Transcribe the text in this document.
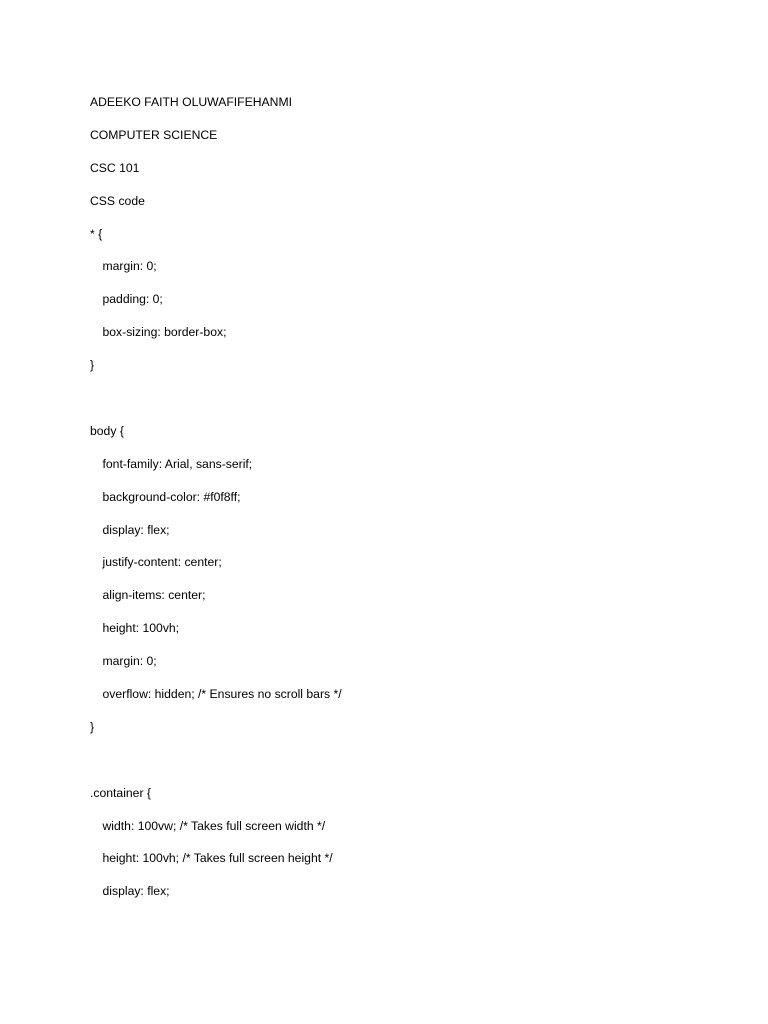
ADEEKO FAITH OLUWAFIFEHANMI
COMPUTER SCIENCE
CSC 101
CSS code
* {
margin: 0;
padding: 0;
box-sizing: border-box;
}
body {
font-family: Arial, sans-serif;
background-color: #f0f8ff;
display: flex;
justify-content: center;
align-items: center;
height: 100vh;
margin: 0;
overflow: hidden; /* Ensures no scroll bars */
}
.container {
width: 100vw; /* Takes full screen width */
height: 100vh; /* Takes full screen height */
display: flex;
